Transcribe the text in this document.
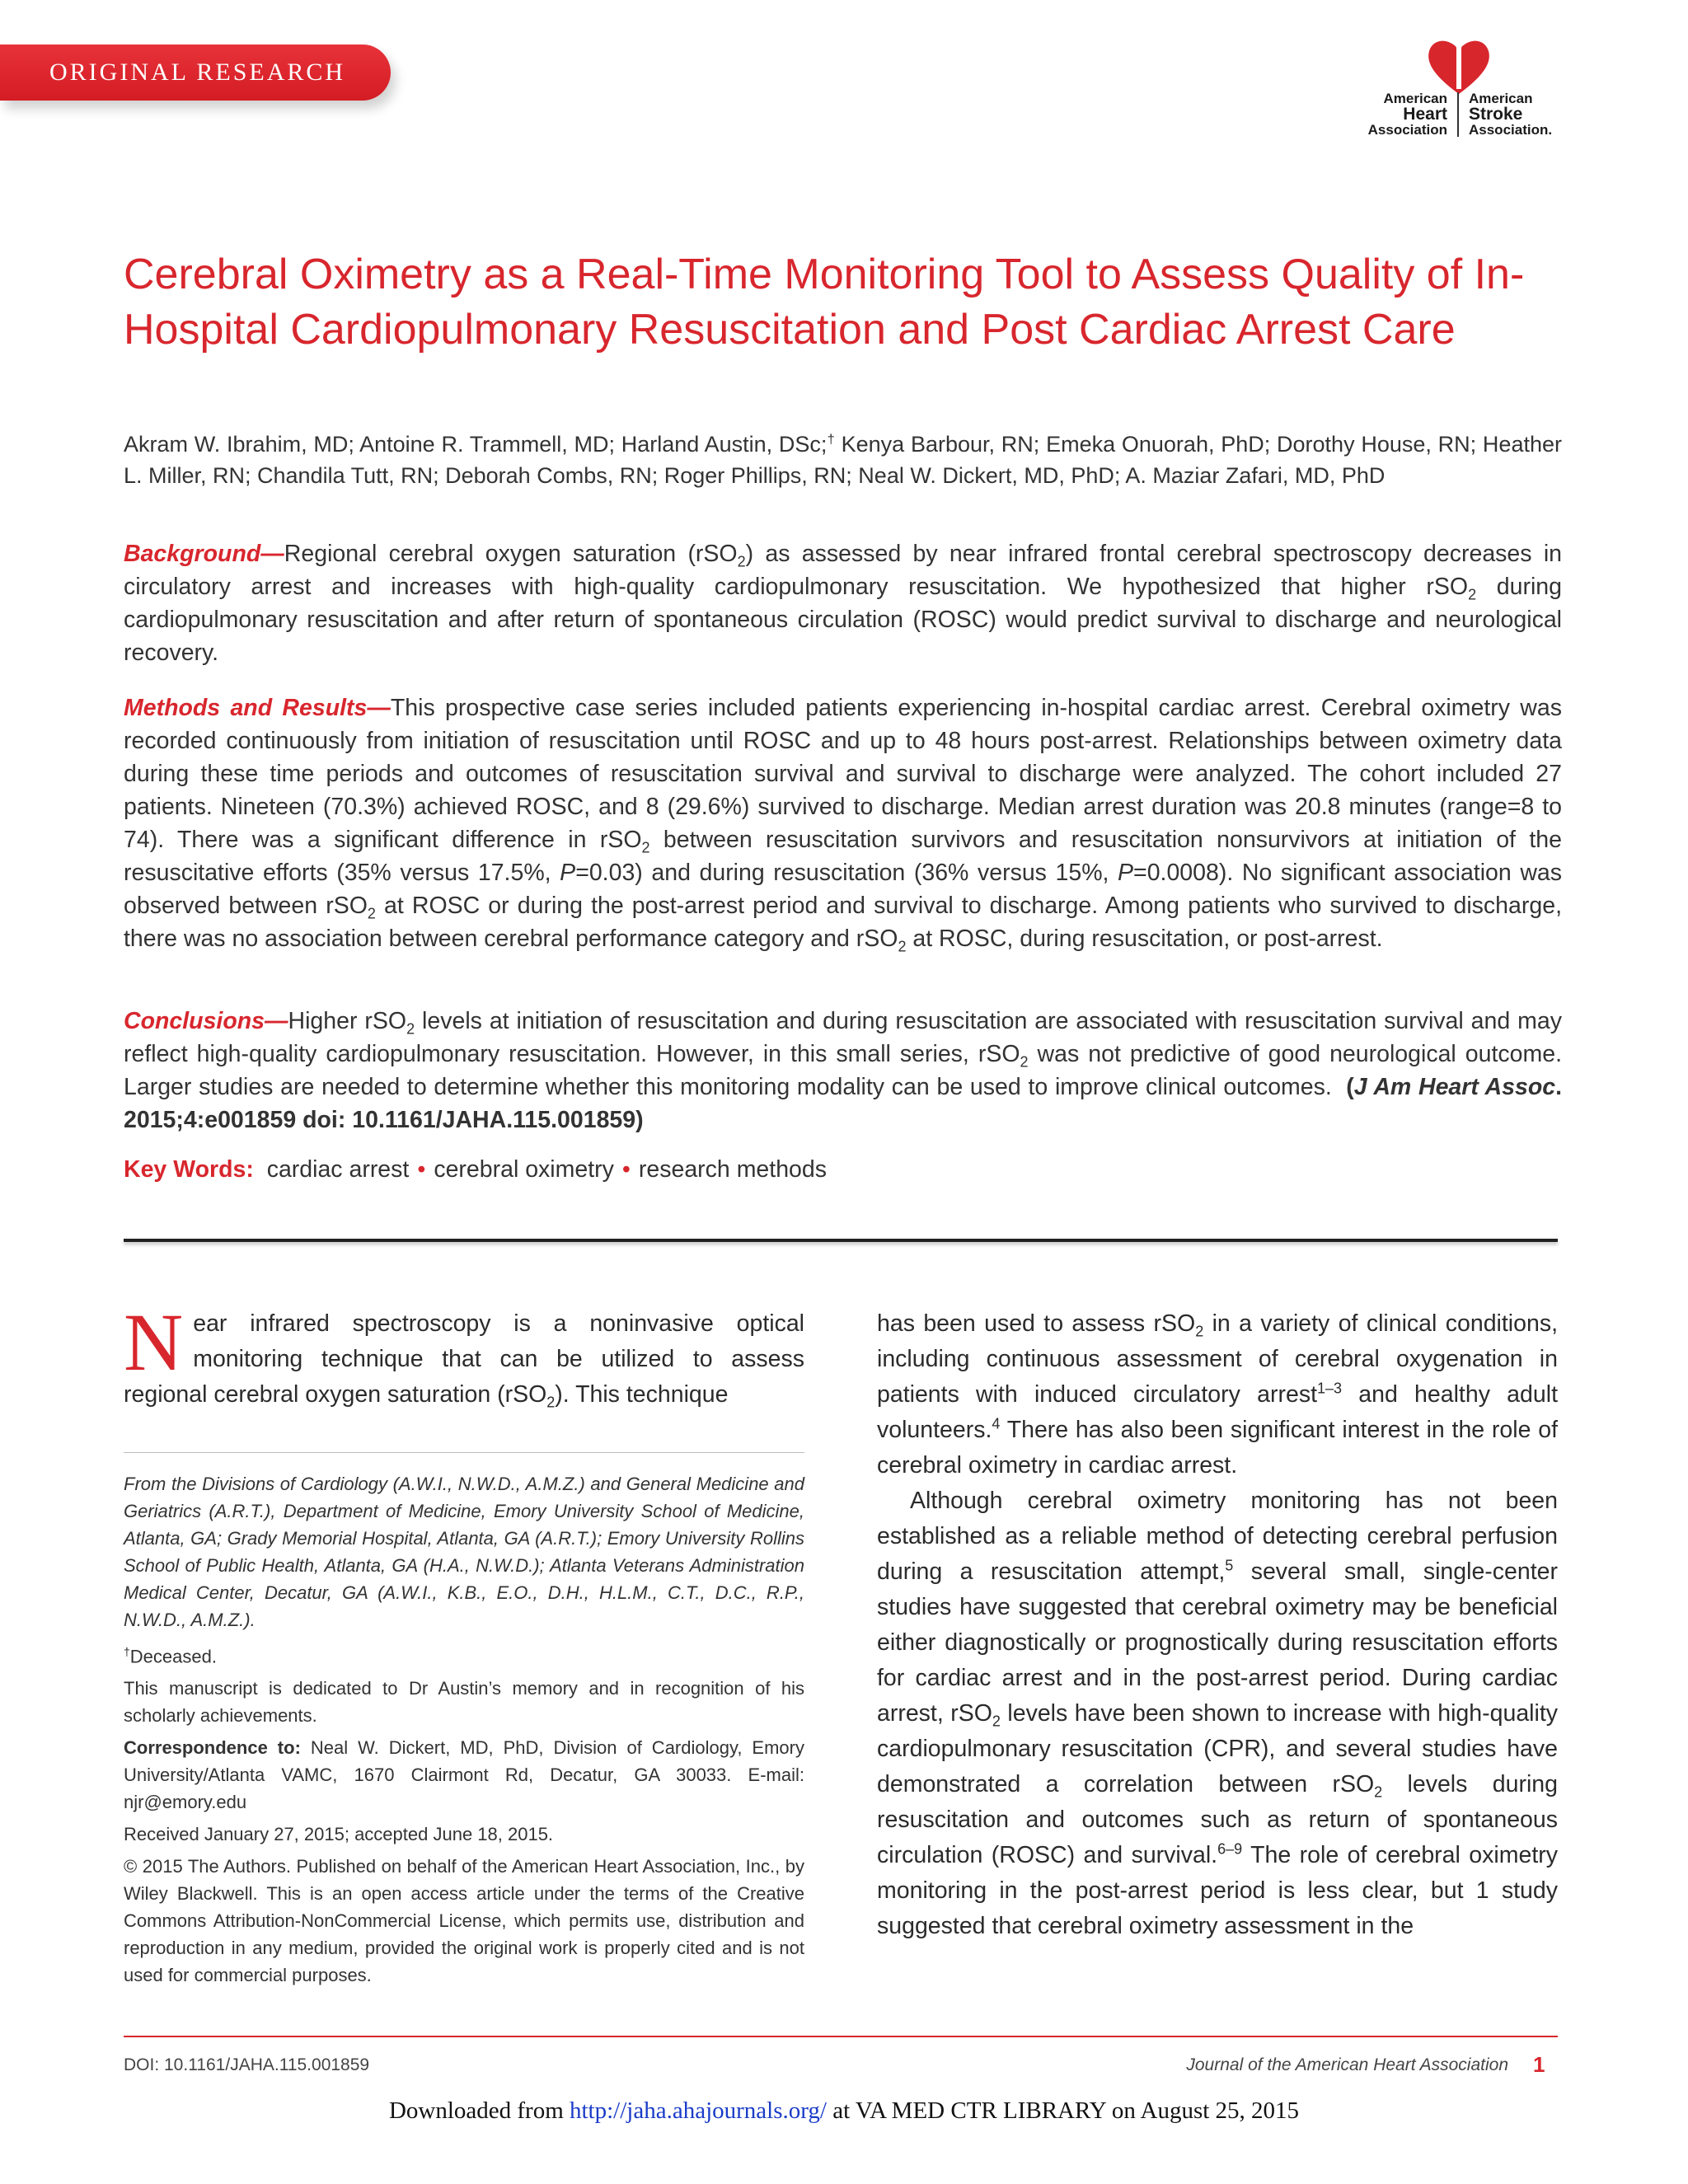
ORIGINAL RESEARCH
American
Heart
Association
American
Stroke
Association.
Cerebral Oximetry as a Real-Time Monitoring Tool to Assess Quality of In-Hospital Cardiopulmonary Resuscitation and Post Cardiac Arrest Care
Akram W. Ibrahim, MD; Antoine R. Trammell, MD; Harland Austin, DSc;† Kenya Barbour, RN; Emeka Onuorah, PhD; Dorothy House, RN; Heather L. Miller, RN; Chandila Tutt, RN; Deborah Combs, RN; Roger Phillips, RN; Neal W. Dickert, MD, PhD; A. Maziar Zafari, MD, PhD
Background—Regional cerebral oxygen saturation (rSO$_2$) as assessed by near infrared frontal cerebral spectroscopy decreases in circulatory arrest and increases with high-quality cardiopulmonary resuscitation. We hypothesized that higher rSO$_2$ during cardiopulmonary resuscitation and after return of spontaneous circulation (ROSC) would predict survival to discharge and neurological recovery.
Methods and Results—This prospective case series included patients experiencing in-hospital cardiac arrest. Cerebral oximetry was recorded continuously from initiation of resuscitation until ROSC and up to 48 hours post-arrest. Relationships between oximetry data during these time periods and outcomes of resuscitation survival and survival to discharge were analyzed. The cohort included 27 patients. Nineteen (70.3%) achieved ROSC, and 8 (29.6%) survived to discharge. Median arrest duration was 20.8 minutes (range=8 to 74). There was a significant difference in rSO$_2$ between resuscitation survivors and resuscitation nonsurvivors at initiation of the resuscitative efforts (35% versus 17.5%, P=0.03) and during resuscitation (36% versus 15%, P=0.0008). No significant association was observed between rSO$_2$ at ROSC or during the post-arrest period and survival to discharge. Among patients who survived to discharge, there was no association between cerebral performance category and rSO$_2$ at ROSC, during resuscitation, or post-arrest.
Conclusions—Higher rSO$_2$ levels at initiation of resuscitation and during resuscitation are associated with resuscitation survival and may reflect high-quality cardiopulmonary resuscitation. However, in this small series, rSO$_2$ was not predictive of good neurological outcome. Larger studies are needed to determine whether this monitoring modality can be used to improve clinical outcomes. (J Am Heart Assoc. 2015;4:e001859 doi: 10.1161/JAHA.115.001859)
Key Words: cardiac arrest • cerebral oximetry • research methods

Near infrared spectroscopy is a noninvasive optical monitoring technique that can be utilized to assess regional cerebral oxygen saturation (rSO$_2$). This technique

From the Divisions of Cardiology (A.W.I., N.W.D., A.M.Z.) and General Medicine and Geriatrics (A.R.T.), Department of Medicine, Emory University School of Medicine, Atlanta, GA; Grady Memorial Hospital, Atlanta, GA (A.R.T.); Emory University Rollins School of Public Health, Atlanta, GA (H.A., N.W.D.); Atlanta Veterans Administration Medical Center, Decatur, GA (A.W.I., K.B., E.O., D.H., H.L.M., C.T., D.C., R.P., N.W.D., A.M.Z.).

†Deceased.

This manuscript is dedicated to Dr Austin’s memory and in recognition of his scholarly achievements.

Correspondence to: Neal W. Dickert, MD, PhD, Division of Cardiology, Emory University/Atlanta VAMC, 1670 Clairmont Rd, Decatur, GA 30033. E-mail: njr@emory.edu

Received January 27, 2015; accepted June 18, 2015.

© 2015 The Authors. Published on behalf of the American Heart Association, Inc., by Wiley Blackwell. This is an open access article under the terms of the Creative Commons Attribution-NonCommercial License, which permits use, distribution and reproduction in any medium, provided the original work is properly cited and is not used for commercial purposes.

has been used to assess rSO$_2$ in a variety of clinical conditions, including continuous assessment of cerebral oxygenation in patients with induced circulatory arrest$^{1-3}$ and healthy adult volunteers.$^4$ There has also been significant interest in the role of cerebral oximetry in cardiac arrest.

Although cerebral oximetry monitoring has not been established as a reliable method of detecting cerebral perfusion during a resuscitation attempt,$^5$ several small, single-center studies have suggested that cerebral oximetry may be beneficial either diagnostically or prognostically during resuscitation efforts for cardiac arrest and in the post-arrest period. During cardiac arrest, rSO$_2$ levels have been shown to increase with high-quality cardiopulmonary resuscitation (CPR), and several studies have demonstrated a correlation between rSO$_2$ levels during resuscitation and outcomes such as return of spontaneous circulation (ROSC) and survival.$^{6-9}$ The role of cerebral oximetry monitoring in the post-arrest period is less clear, but 1 study suggested that cerebral oximetry assessment in the

DOI: 10.1161/JAHA.115.001859	Journal of the American Heart Association 1
Downloaded from http://jaha.ahajournals.org/ at VA MED CTR LIBRARY on August 25, 2015
